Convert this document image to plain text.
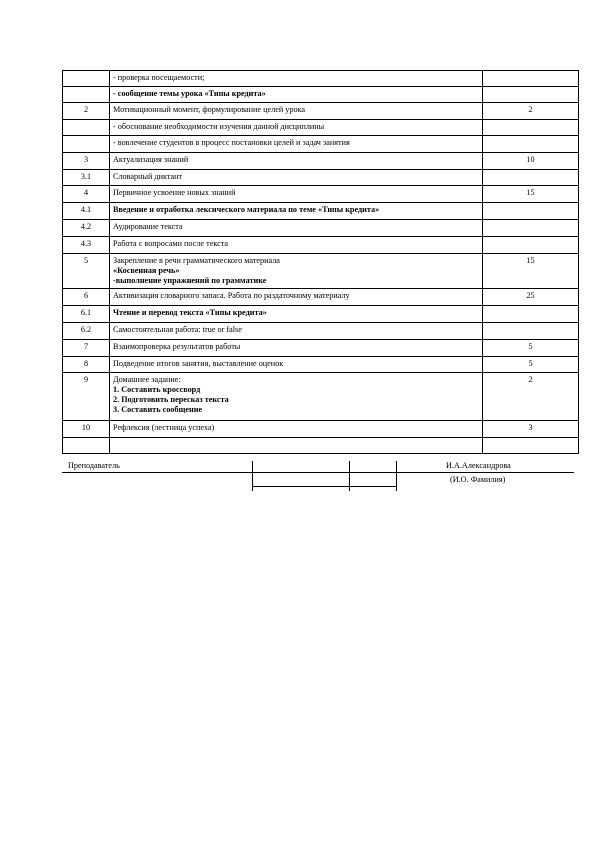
	- проверка посещаемости;	

	- сообщение темы урока «Типы кредита»	

2	Мотивационный момент, формулирование целей урока	2

	- обоснование необходимости изучения данной дисциплины	

	- вовлечение студентов в процесс постановки целей и задач занятия	

3	Актуализация знаний	10
3.1	Словарный диктант	

4	Первичное усвоение новых знаний	15
4.1	Введение и отработка лексического материала по теме «Типы кредита»	

4.2	Аудирование текста	

4.3	Работа с вопросами после текста	

5	Закрепление в речи грамматического материала
«Косвенная речь»
-выполнение упражнений по грамматике	15
6	Активизация словарного запаса. Работа по раздаточному материалу	25
6.1	Чтение и перевод текста «Типы кредита»	

6.2	Самостоятельная работа: true or false	

7	Взаимопроверка результатов работы	5
8	Подведение итогов занятия, выставление оценок	5
9	Домашнее задание:
1. Составить кроссворд
2. Подготовить пересказ текста
3. Составить сообщение	2
10	Рефлексия (лестница успеха)	3

Преподаватель	И.А.Александрова
(И.О. Фамилия)
